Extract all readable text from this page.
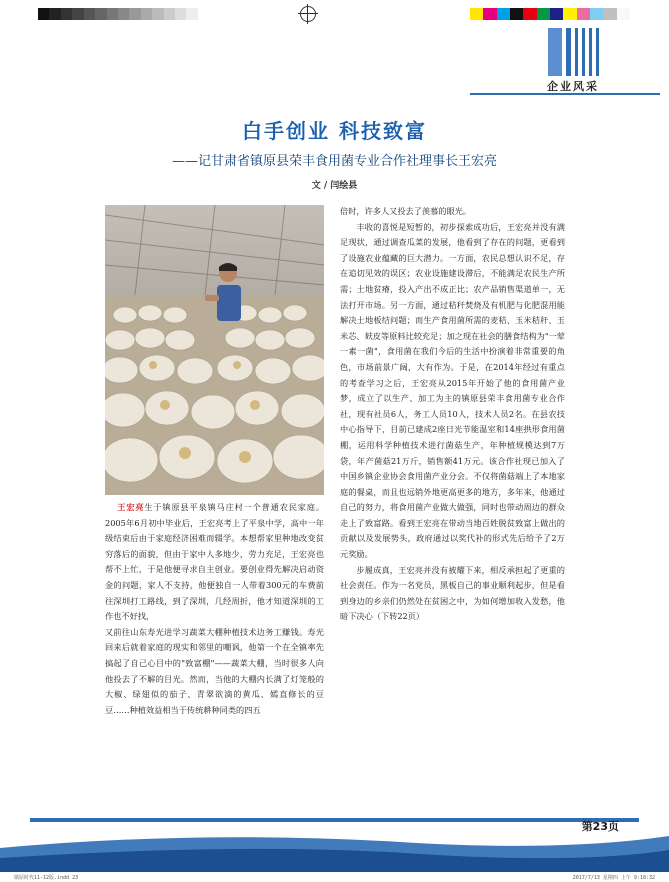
企业风采
白手创业 科技致富
——记甘肃省镇原县荣丰食用菌专业合作社理事长王宏亮
文 / 闫绘县

王宏亮生于镇原县平泉镇马庄村一个普通农民家庭。2005年6月初中毕业后，王宏亮考上了平泉中学，高中一年级结束后由于家庭经济困难而辍学。本想帮家里种地改变贫穷落后的面貌，但由于家中人多地少，劳力充足，王宏亮也帮不上忙，于是他便寻求自主创业。要创业得先解决启动资金的问题，家人不支持，他便独自一人带着300元的车费前往深圳打工路线，到了深圳，几经周折，他才知道深圳的工作也不好找，

又前往山东寿光进学习蔬菜大棚种植技术边务工赚钱。寿光回来后就着家庭的现实和邻里的嘲讽，他第一个在全镇率先搞起了自己心目中的"致富棚"——蔬菜大棚，当时很多人向他投去了不解的目光。然而，当他的大棚内长满了灯笼般的大椒、绿翅似的茄子、青翠欲滴的黄瓜、嫣直修长的豆豆……种植效益相当于传统耕种同类的四五

倍时，许多人又投去了羡慕的眼光。

丰收的喜悦是短暂的，初步探索成功后，王宏亮并没有满足现状，通过调查瓜菜的发展，他看到了存在的问题，更看到了设施农业蕴藏的巨大潜力。一方面，农民总想认识不足，存在追切见效的误区；农业设施建设滞后，不能满足农民生产所需；土地贫瘠，投入产出不成正比；农产品销售渠道单一，无法打开市场。另一方面，通过秸秆焚烧及有机肥与化肥混用能解决土地板结问题；而生产食用菌所需的麦秸、玉米秸秆、玉米芯、麸皮等原料比较充足；加之现在社会的膳食结构为"一荤一素一菌"，食用菌在我们今后的生活中扮演着非常重要的角色，市场前景广阔，大有作为。于是，在2014年经过有重点的考查学习之后，王宏亮从2015年开始了他的食用菌产业梦，成立了以生产、加工为主的镇原县荣丰食用菌专业合作社，现有社员6人，务工人员10人，技术人员2名。在县农技中心指导下，目前已建成2座日光节能温室和14座拱形食用菌棚，运用科学种植技术进行菌菇生产，年种植规模达到7万袋，年产菌菇21万斤，销售额41万元。该合作社现已加入了中国乡镇企业协会食用菌产业分会。不仅将菌菇端上了本地家庭的餐桌，而且也远销外地更高更多的地方，多年来，他通过自己的努力，将食用菌产业做大做强，同时也带动周边的群众走上了致富路。看到王宏亮在带动当地百姓脱贫致富上做出的贡献以及发展势头，政府通过以奖代补的形式先后给予了2万元奖励。

步履成真，王宏亮并没有被耀下来，相反承担起了更重的社会责任。作为一名党员，黑板自己的事业顺利起步，但是看到身边的乡亲们仍然处在贫困之中，为如何增加收入发愁，他暗下决心（下转22页）

第23页
镇原时代11-12版.indd 23	2017/7/13 星期四 上午 9:18:32
